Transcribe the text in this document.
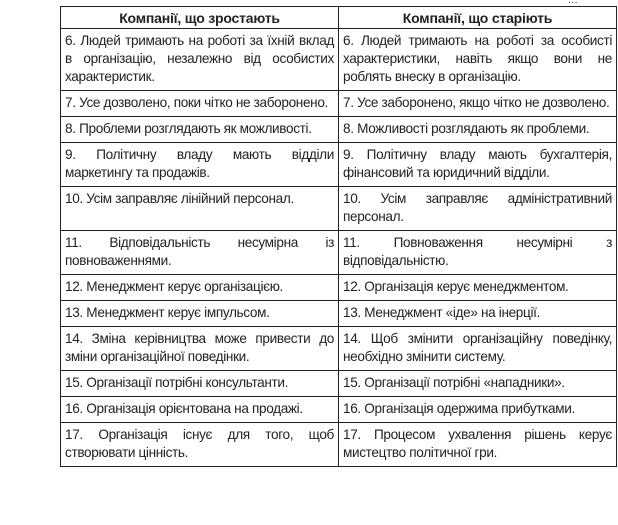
...
Компанії, що зростають	Компанії, що старіють
6. Людей тримають на роботі за їхній вклад в організацію, незалежно від особистих характеристик.	6. Людей тримають на роботі за особисті характеристики, навіть якщо вони не роблять внеску в організацію.
7. Усе дозволено, поки чітко не заборонено.	7. Усе заборонено, якщо чітко не дозволено.
8. Проблеми розглядають як можливості.	8. Можливості розглядають як проблеми.
9. Політичну владу мають відділи маркетингу та продажів.	9. Політичну владу мають бухгалтерія, фінансовий та юридичний відділи.
10. Усім заправляє лінійний персонал.	10. Усім заправляє адміністративний персонал.
11. Відповідальність несумірна із повноваженнями.	11. Повноваження несумірні з відповідальністю.
12. Менеджмент керує організацією.	12. Організація керує менеджментом.
13. Менеджмент керує імпульсом.	13. Менеджмент «іде» на інерції.
14. Зміна керівництва може привести до зміни організаційної поведінки.	14. Щоб змінити організаційну поведінку, необхідно змінити систему.
15. Організації потрібні консультанти.	15. Організації потрібні «нападники».
16. Організація орієнтована на продажі.	16. Організація одержима прибутками.
17. Організація існує для того, щоб створювати цінність.	17. Процесом ухвалення рішень керує мистецтво політичної гри.
